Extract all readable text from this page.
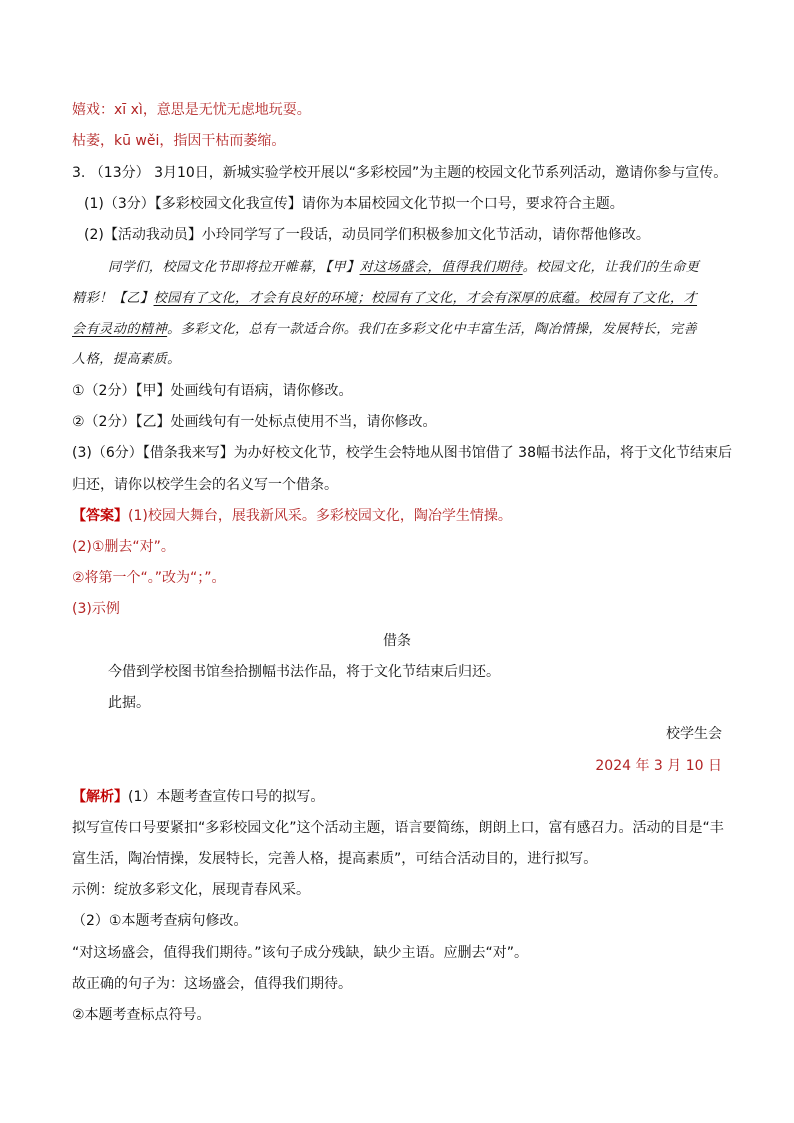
嬉戏：xī xì，意思是无忧无虑地玩耍。
枯萎，kū wěi，指因干枯而萎缩。
3. （13分） 3月10日，新城实验学校开展以“多彩校园”为主题的校园文化节系列活动，邀请你参与宣传。
(1)（3分）【多彩校园文化我宣传】请你为本届校园文化节拟一个口号，要求符合主题。
(2)【活动我动员】小玲同学写了一段话，动员同学们积极参加文化节活动，请你帮他修改。
同学们，校园文化节即将拉开帷幕，【甲】对这场盛会，值得我们期待。校园文化，让我们的生命更
精彩！【乙】校园有了文化，才会有良好的环境；校园有了文化，才会有深厚的底蕴。校园有了文化，才
会有灵动的精神。多彩文化，总有一款适合你。我们在多彩文化中丰富生活，陶冶情操，发展特长，完善
人格，提高素质。
①（2分）【甲】处画线句有语病，请你修改。
②（2分）【乙】处画线句有一处标点使用不当，请你修改。
(3)（6分）【借条我来写】为办好校文化节，校学生会特地从图书馆借了 38幅书法作品，将于文化节结束后
归还，请你以校学生会的名义写一个借条。
【答案】(1)校园大舞台，展我新风采。多彩校园文化，陶冶学生情操。
(2)①删去“对”。
②将第一个“。”改为“；”。
(3)示例
借条
今借到学校图书馆叁拾捌幅书法作品，将于文化节结束后归还。
此据。
校学生会
2024 年 3 月 10 日
【解析】(1）本题考查宣传口号的拟写。
拟写宣传口号要紧扣“多彩校园文化”这个活动主题，语言要简练，朗朗上口，富有感召力。活动的目是“丰
富生活，陶冶情操，发展特长，完善人格，提高素质”，可结合活动目的，进行拟写。
示例：绽放多彩文化，展现青春风采。
（2）①本题考查病句修改。
“对这场盛会，值得我们期待。”该句子成分残缺，缺少主语。应删去“对”。
故正确的句子为：这场盛会，值得我们期待。
②本题考查标点符号。
